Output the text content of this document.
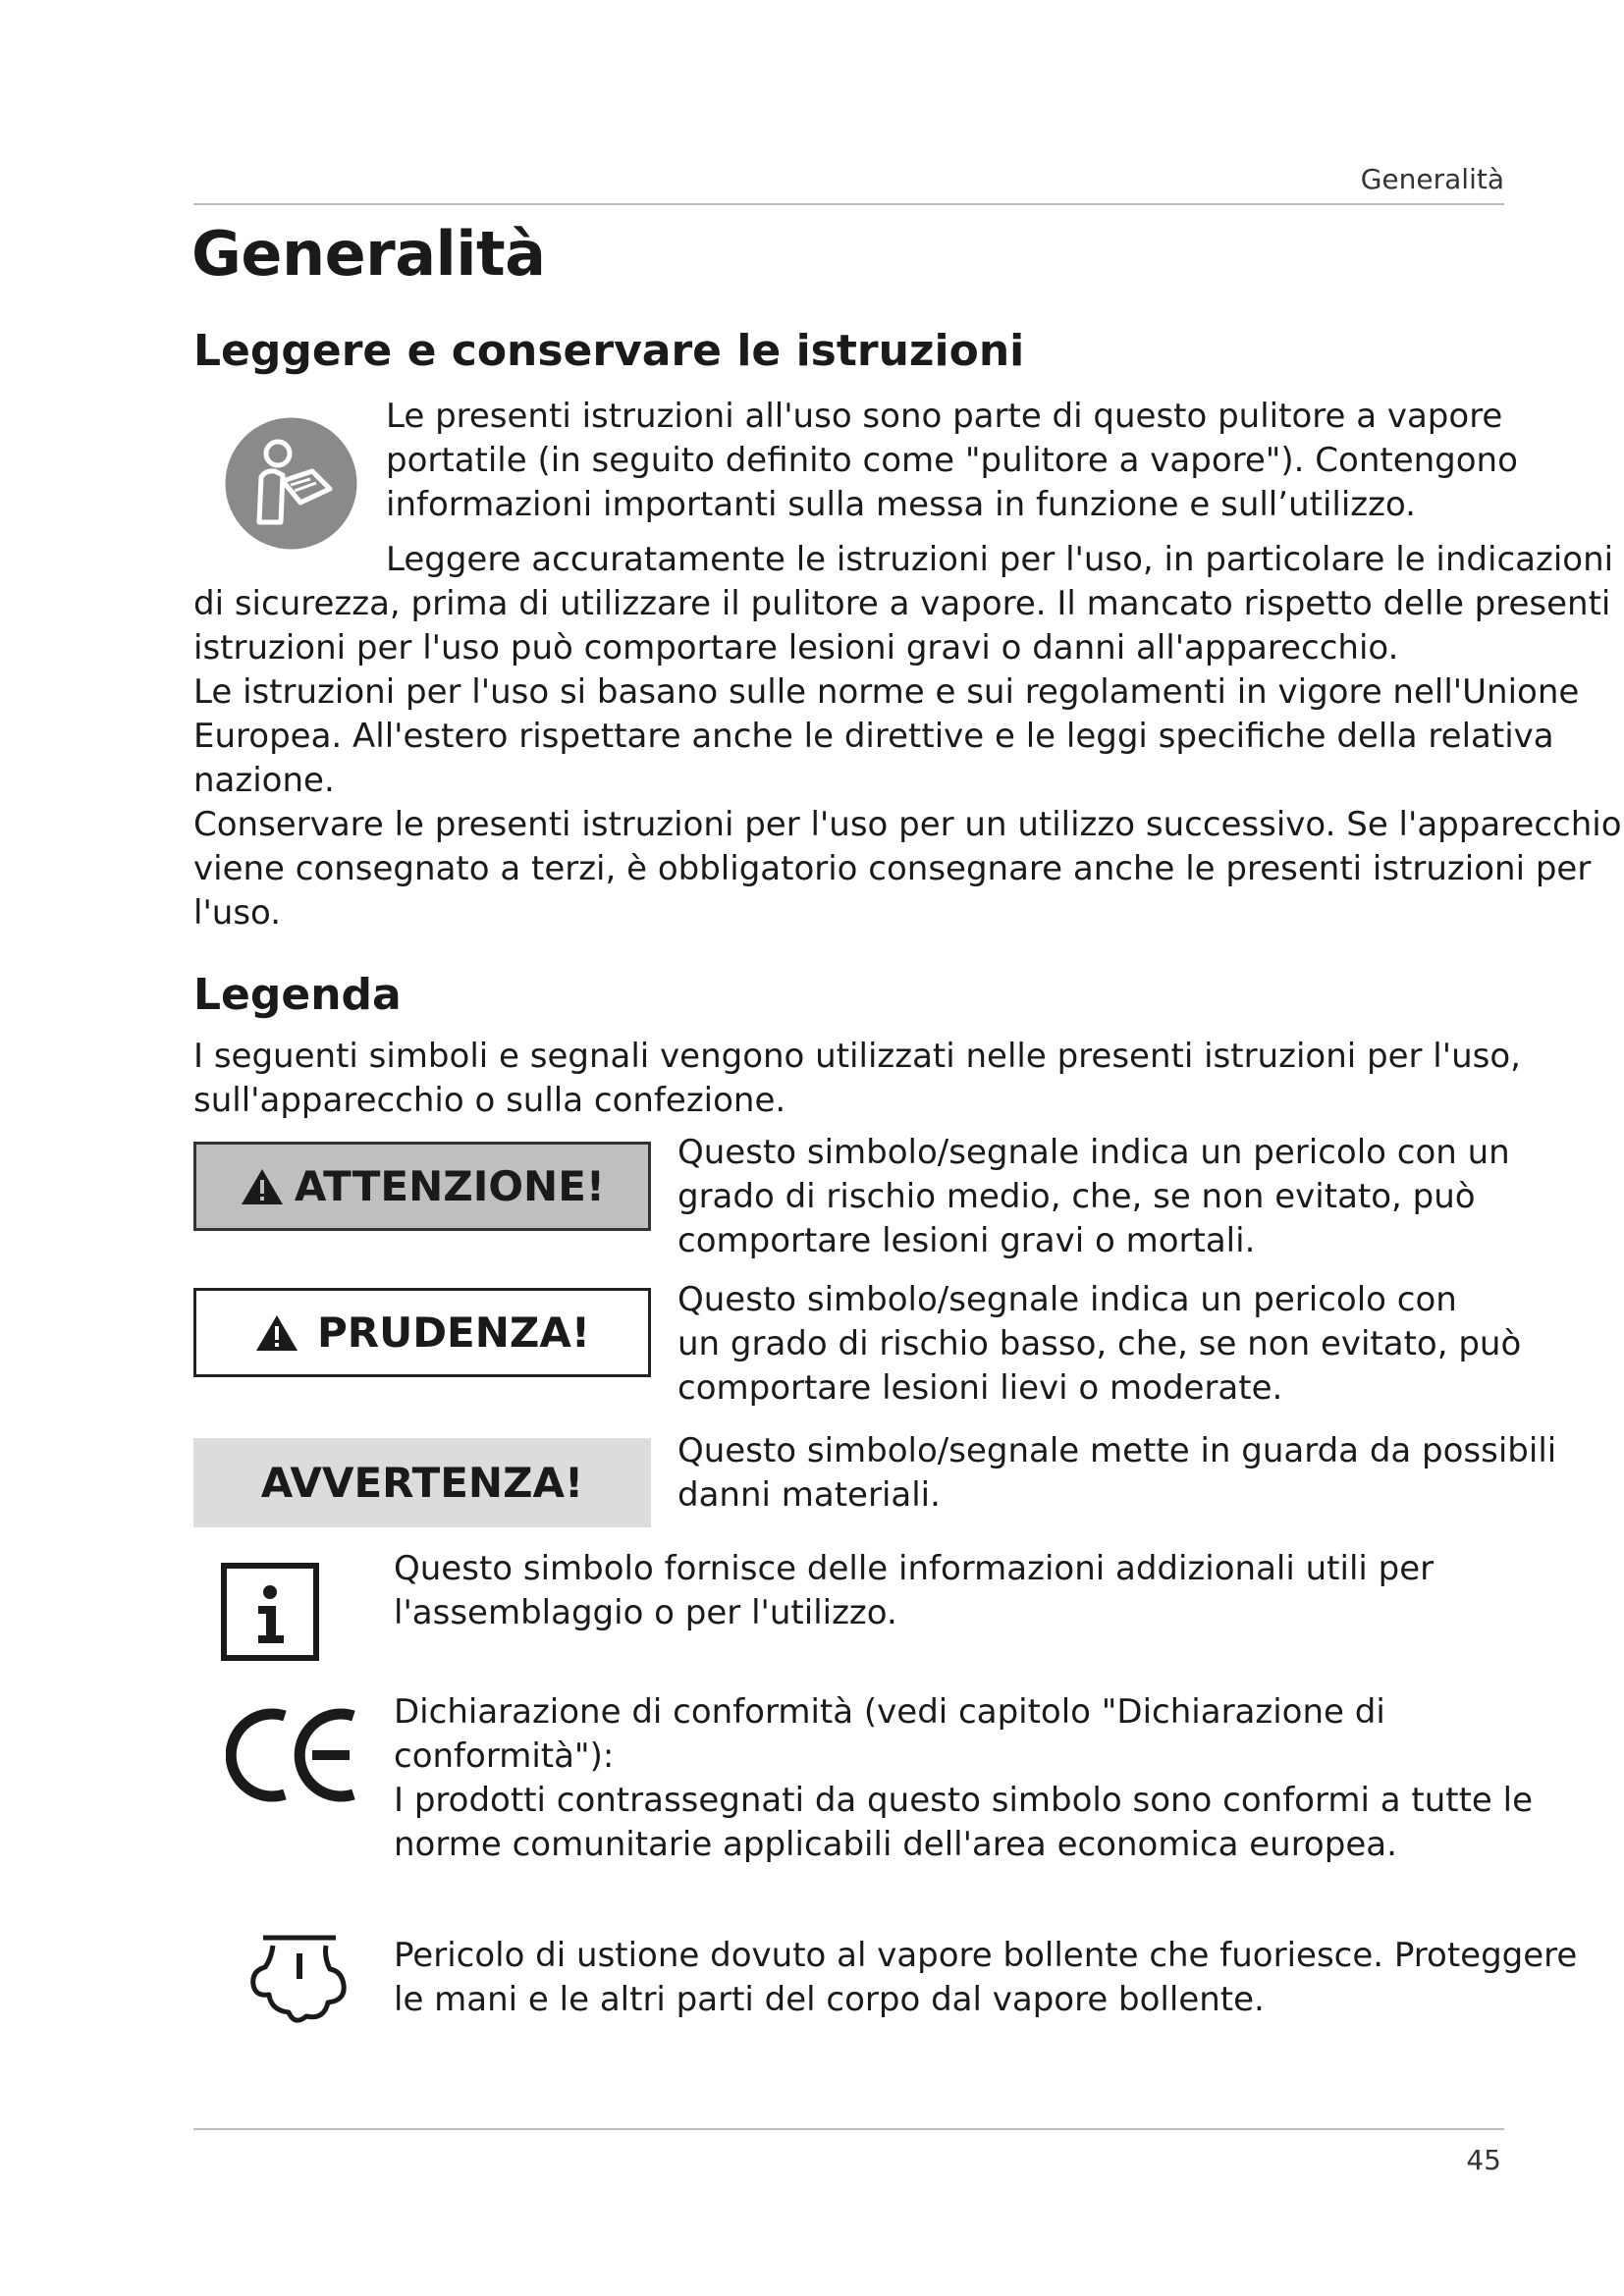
Generalità
Generalità
Leggere e conservare le istruzioni

Le presenti istruzioni all'uso sono parte di questo pulitore a vapore

portatile (in seguito definito come "pulitore a vapore"). Contengono

informazioni importanti sulla messa in funzione e sull’utilizzo.

Leggere accuratamente le istruzioni per l'uso, in particolare le indicazioni

di sicurezza, prima di utilizzare il pulitore a vapore. Il mancato rispetto delle presenti

istruzioni per l'uso può comportare lesioni gravi o danni all'apparecchio.

Le istruzioni per l'uso si basano sulle norme e sui regolamenti in vigore nell'Unione

Europea. All'estero rispettare anche le direttive e le leggi specifiche della relativa

nazione.

Conservare le presenti istruzioni per l'uso per un utilizzo successivo. Se l'apparecchio

viene consegnato a terzi, è obbligatorio consegnare anche le presenti istruzioni per

l'uso.

Legenda

I seguenti simboli e segnali vengono utilizzati nelle presenti istruzioni per l'uso,

sull'apparecchio o sulla confezione.

ATTENZIONE!

Questo simbolo/segnale indica un pericolo con un

grado di rischio medio, che, se non evitato, può

comportare lesioni gravi o mortali.

PRUDENZA!

Questo simbolo/segnale indica un pericolo con

un grado di rischio basso, che, se non evitato, può

comportare lesioni lievi o moderate.

AVVERTENZA!

Questo simbolo/segnale mette in guarda da possibili

danni materiali.

Questo simbolo fornisce delle informazioni addizionali utili per

l'assemblaggio o per l'utilizzo.

Dichiarazione di conformità (vedi capitolo "Dichiarazione di

conformità"):

I prodotti contrassegnati da questo simbolo sono conformi a tutte le

norme comunitarie applicabili dell'area economica europea.

Pericolo di ustione dovuto al vapore bollente che fuoriesce. Proteggere

le mani e le altri parti del corpo dal vapore bollente.

45
